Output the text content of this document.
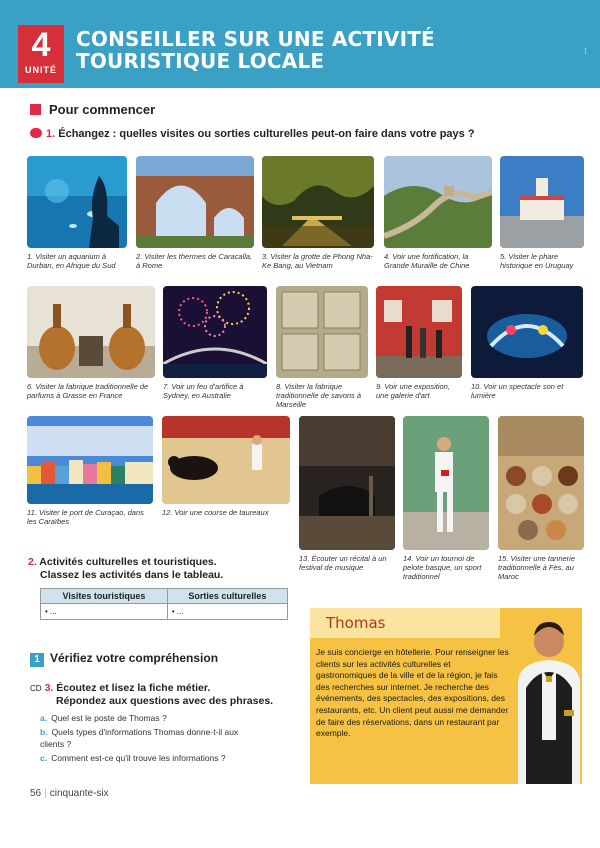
4
UNITÉ
CONSEILLER SUR UNE ACTIVITÉ
TOURISTIQUE LOCALE	⁝
Pour commencer
1. Échangez : quelles visites ou sorties culturelles peut-on faire dans votre pays ?
1. Visiter un aquarium à Durban, en Afrique du Sud
2. Visiter les thermes de Caracalla, à Rome
3. Visiter la grotte de Phong Nha-Ke Bang, au Vietnam
4. Voir une fortification, la Grande Muraille de Chine
5. Visiter le phare historique en Uruguay
6. Visiter la fabrique traditionnelle de parfums à Grasse en France
7. Voir un feu d'artifice à Sydney, en Australie
8. Visiter la fabrique traditionnelle de savons à Marseille
9. Voir une exposition, une galerie d'art
10. Voir un spectacle son et lumière
11. Visiter le port de Curaçao, dans les Caraïbes
12. Voir une course de taureaux
13. Écouter un récital à un festival de musique
14. Voir un tournoi de pelote basque, un sport traditionnel
15. Visiter une tannerie traditionnelle à Fès, au Maroc
2. Activités culturelles et touristiques.
Classez les activités dans le tableau.
Visites touristiques	Sorties culturelles
• ...	• ...
1 Vérifiez votre compréhension
CD 3. Écoutez et lisez la fiche métier.
Répondez aux questions avec des phrases.
a. Quel est le poste de Thomas ?
b. Quels types d'informations Thomas donne-t-il aux clients ?
c. Comment est-ce qu'il trouve les informations ?
56 | cinquante-six
Thomas
Je suis concierge en hôtellerie. Pour renseigner les clients sur les activités culturelles et gastronomiques de la ville et de la région, je fais des recherches sur internet. Je recherche des événements, des spectacles, des expositions, des restaurants, etc. Un client peut aussi me demander de faire des réservations, dans un restaurant par exemple.
